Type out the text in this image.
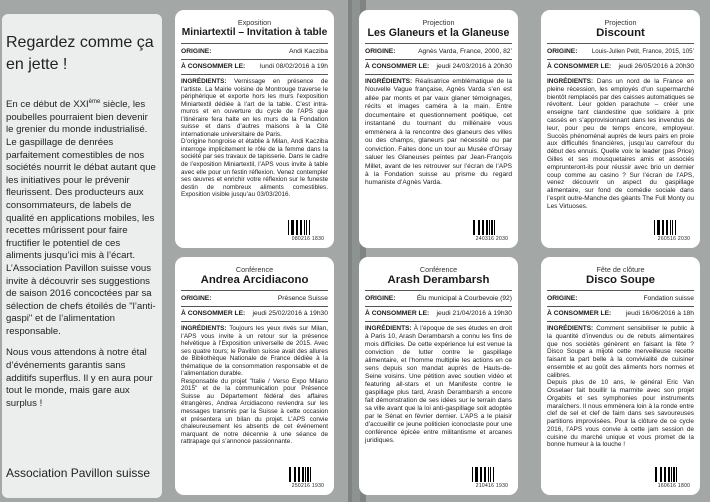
Regardez comme ça en jette !

En ce début de XXIème siècle, les poubelles pourraient bien devenir le grenier du monde industrialisé. Le gaspillage de denrées parfaitement comestibles de nos sociétés nourrit le débat autant que les initiatives pour le prévenir fleurissent. Des producteurs aux consommateurs, de labels de qualité en applications mobiles, les recettes mûrissent pour faire fructifier le potentiel de ces aliments jusqu’ici mis à l’écart. L’Association Pavillon suisse vous invite à découvrir ses suggestions de saison 2016 concoctées par sa sélection de chefs étoilés de "l’anti-gaspi" et de l’alimentation responsable.

Nous vous attendons à notre étal d’événements garantis sans additifs superflus. Il y en aura pour tout le monde, mais gare aux surplus !

Association Pavillon suisse
Exposition
Miniartextil – Invitation à table
ORIGINE:	Andi Kacziba
À CONSOMMER LE: lundi 08/02/2016 à 19h

INGRÉDIENTS: Vernissage en présence de l’artiste. La Mairie voisine de Montrouge traverse le périphérique et exporte hors les murs l’exposition Miniartextil dédiée à l’art de la table. C’est intra-muros et en ouverture du cycle de l’APS que l’itinéraire fera halte en les murs de la Fondation suisse et dans d’autres maisons à la Cité internationale universitaire de Paris.

D’origine hongroise et établie à Milan, Andi Kacziba interroge implicitement le rôle de la femme dans la société par ses travaux de tapisserie. Dans le cadre de l’exposition Miniartextil, l’APS vous invite à table avec elle pour un festin réflexion. Venez contempler ses œuvres et enrichir votre réflexion sur le funeste destin de nombreux aliments comestibles. Exposition visible jusqu’au 03/03/2016.

080216 1830
Projection
Les Glaneurs et la Glaneuse
ORIGINE:	Agnès Varda, France, 2000, 82’
À CONSOMMER LE: jeudi 24/03/2016 à 20h30

INGRÉDIENTS: Réalisatrice emblématique de la Nouvelle Vague française, Agnès Varda s’en est allée par monts et par vaux glaner témoignages, récits et images caméra à la main. Entre documentaire et questionnement poétique, cet instantané du tournant du millénaire vous emmènera à la rencontre des glaneurs des villes ou des champs, glaneurs par nécessité ou par conviction. Faites donc un tour au Musée d’Orsay saluer les Glaneuses peintes par Jean-François Millet, avant de les retrouver sur l’écran de l’APS à la Fondation suisse au prisme du regard humaniste d’Agnès Varda.

240316 2030
Projection
Discount
ORIGINE: Louis-Julien Petit, France, 2015, 105’
À CONSOMMER LE: jeudi 26/05/2016 à 20h30

INGRÉDIENTS: Dans un nord de la France en pleine récession, les employés d’un supermarché bientôt remplacés par des caisses automatiques se révoltent. Leur golden parachute – créer une enseigne tant clandestine que solidaire à prix cassés en s’approvisionnant dans les invendus de leur, pour peu de temps encore, employeur. Succès phénoménal auprès de leurs pairs en proie aux difficultés financières, jusqu’au carrefour du début des ennuis. Quelle voix le leader (pas Price) Gilles et ses mousquetaires amis et associés emprunteront-ils pour réussir avec brio un dernier coup comme au casino ? Sur l’écran de l’APS, venez découvrir un aspect du gaspillage alimentaire, sur fond de comédie sociale dans l’esprit outre-Manche des géants The Full Monty ou Les Virtuoses.

260516 2030
Conférence
Andrea Arcidiacono
ORIGINE:	Présence Suisse
À CONSOMMER LE: jeudi 25/02/2016 à 19h30

INGRÉDIENTS: Toujours les yeux rivés sur Milan, l’APS vous invite à un retour sur la présence helvétique à l’Exposition universelle de 2015. Avec ses quatre tours; le Pavillon suisse avait des allures de Bibliothèque Nationale de France dédiée à la thématique de la consommation responsable et de l’alimentation durable.

Responsable du projet "Italie / Verso Expo Milano 2015" et de la communication pour Présence Suisse au Département fédéral des affaires étrangères, Andrea Arcidiacono reviendra sur les messages transmis par la Suisse à cette occasion et présentera un bilan du projet. L’APS convie chaleureusement les absents de cet événement marquant de notre décennie à une séance de rattrapage qui s’annonce passionnante.

250216 1930
Conférence
Arash Derambarsh
ORIGINE:	Élu municipal à Courbevoie (92)
À CONSOMMER LE: jeudi 21/04/2016 à 19h30

INGRÉDIENTS: À l’époque de ses études en droit à Paris 10, Arash Derambarsh a connu les fins de mois difficiles. De cette expérience lui est venue la conviction de lutter contre le gaspillage alimentaire, et l’homme multiplie les actions en ce sens depuis son mandat auprès de Hauts-de-Seine voisins. Une pétition avec soutien vidéo et featuring all-stars et un Manifeste contre le gaspillage plus tard, Arash Derambarsh a encore fait démonstration de ses idées sur le terrain dans sa ville avant que la loi anti-gaspillage soit adoptée par le Sénat en février dernier. L’APS a le plaisir d’accueillir ce jeune politicien iconoclaste pour une conférence épicée entre militantisme et arcanes juridiques.

210416 1930
Fête de clôture
Disco Soupe
ORIGINE:	Fondation suisse
À CONSOMMER LE: jeudi 16/06/2016 à 18h

INGRÉDIENTS: Comment sensibiliser le public à la quantité d’invendus ou de rebuts alimentaires que nos sociétés génèrent en faisant la fête ? Disco Soupe a mijoté cette merveilleuse recette faisant la part belle à la convivialité de cuisiner ensemble et au goût des aliments hors normes et calibres.

Depuis plus de 10 ans, le général Eric Van Osselaer fait bouillir la marmite avec son projet Orgabits et ses symphonies pour instruments maraîchers. Il nous emmènera loin à la ronde entre clef de sel et clef de faim dans ses savoureuses partitions improvisées. Pour la clôture de ce cycle 2016, l’APS vous convie à cette jam session de cuisine du marché unique et vous promet de la bonne humeur à la louche !

160616 1800
